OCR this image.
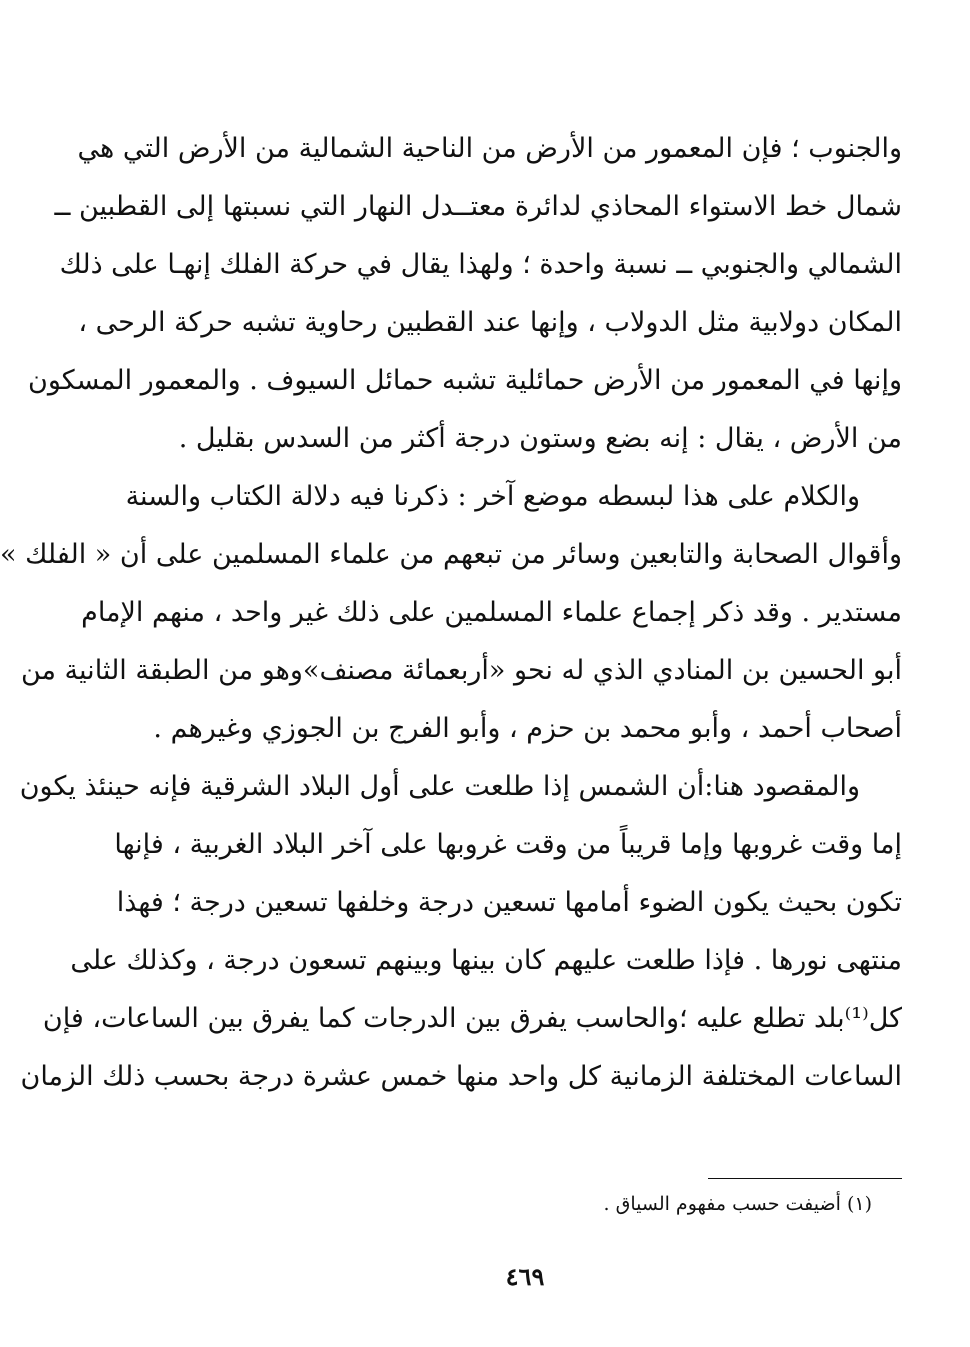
والجنوب ؛ فإن المعمور من الأرض من الناحية الشمالية من الأرض التي هي
شمال خط الاستواء المحاذي لدائرة معتــدل النهار التي نسبتها إلى القطبين ــ
الشمالي والجنوبي ــ نسبة واحدة ؛ ولهذا يقال في حركة الفلك إنهـا على ذلك
المكان دولابية مثل الدولاب ، وإنها عند القطبين رحاوية تشبه حركة الرحى ،
وإنها في المعمور من الأرض حمائلية تشبه حمائل السيوف . والمعمور المسكون
من الأرض ، يقال : إنه بضع وستون درجة أكثر من السدس بقليل .
والكلام على هذا لبسطه موضع آخر : ذكرنا فيه دلالة الكتاب والسنة
وأقوال الصحابة والتابعين وسائر من تبعهم من علماء المسلمين على أن « الفلك »
مستدير . وقد ذكر إجماع علماء المسلمين على ذلك غير واحد ، منهم الإمام
أبو الحسين بن المنادي الذي له نحو «أربعمائة مصنف»وهو من الطبقة الثانية من
أصحاب أحمد ، وأبو محمد بن حزم ، وأبو الفرج بن الجوزي وغيرهم .
والمقصود هنا:أن الشمس إذا طلعت على أول البلاد الشرقية فإنه حينئذ يكون
إما وقت غروبها وإما قريباً من وقت غروبها على آخر البلاد الغربية ، فإنها
تكون بحيث يكون الضوء أمامها تسعين درجة وخلفها تسعين درجة ؛ فهذا
منتهى نورها . فإذا طلعت عليهم كان بينها وبينهم تسعون درجة ، وكذلك على
كل⁽¹⁾بلد تطلع عليه ؛والحاسب يفرق بين الدرجات كما يفرق بين الساعات، فإن
الساعات المختلفة الزمانية كل واحد منها خمس عشرة درجة بحسب ذلك الزمان
(١) أضيفت حسب مفهوم السياق .
٤٦٩
